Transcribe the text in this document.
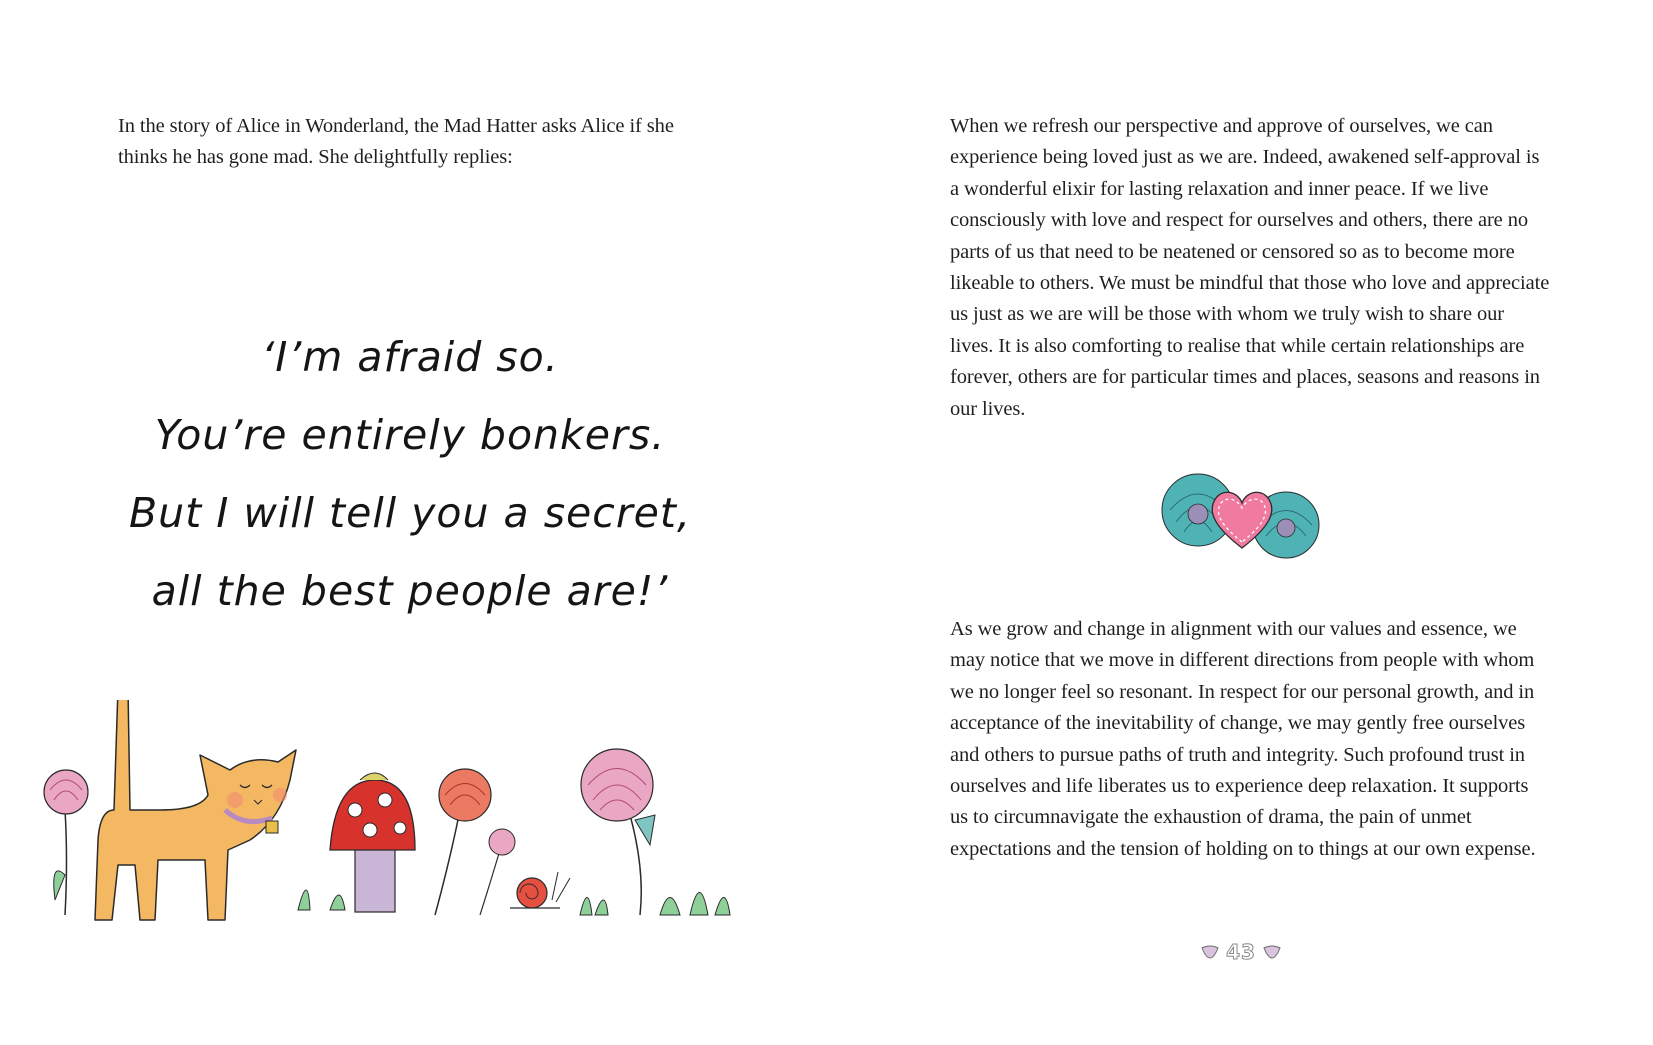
In the story of Alice in Wonderland, the Mad Hatter asks Alice if she thinks he has gone mad. She delightfully replies:

‘I’m afraid so.
You’re entirely bonkers.
But I will tell you a secret,
all the best people are!’

When we refresh our perspective and approve of ourselves, we can experience being loved just as we are. Indeed, awakened self-approval is a wonderful elixir for lasting relaxation and inner peace. If we live consciously with love and respect for ourselves and others, there are no parts of us that need to be neatened or censored so as to become more likeable to others. We must be mindful that those who love and appreciate us just as we are will be those with whom we truly wish to share our lives. It is also comforting to realise that while certain relationships are forever, others are for particular times and places, seasons and reasons in our lives.

As we grow and change in alignment with our values and essence, we may notice that we move in different directions from people with whom we no longer feel so resonant. In respect for our personal growth, and in acceptance of the inevitability of change, we may gently free ourselves and others to pursue paths of truth and integrity. Such profound trust in ourselves and life liberates us to experience deep relaxation. It supports us to circumnavigate the exhaustion of drama, the pain of unmet expectations and the tension of holding on to things at our own expense.

43
